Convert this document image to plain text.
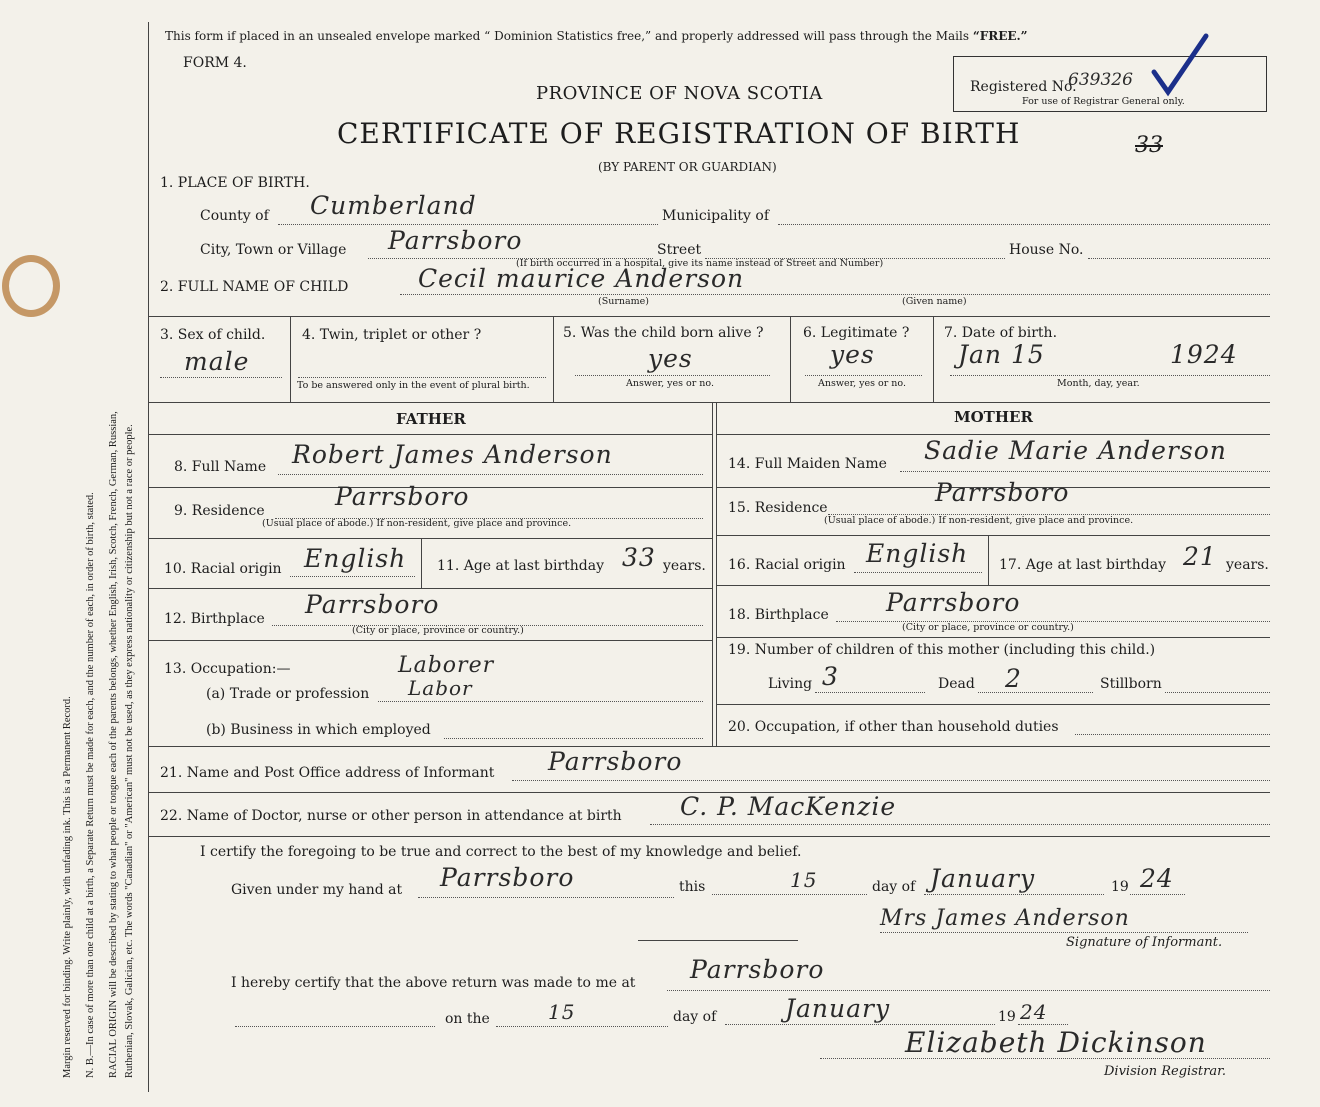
Margin reserved for binding. Write plainly, with unfading ink. This is a Permanent Record. N. B.—In case of more than one child at a birth, a Separate Return must be made for each, and the number of each, in order of birth, stated. RACIAL ORIGIN will be described by stating to what people or tongue each of the parents belongs, whether English, Irish, Scotch, French, German, Russian, Ruthenian, Slovak, Galician, etc. The words "Canadian" or "American" must not be used, as they express nationality or citizenship but not a race or people.
This form if placed in an unsealed envelope marked “ Dominion Statistics free,” and properly addressed will pass through the Mails “FREE.”
FORM 4.
PROVINCE OF NOVA SCOTIA
CERTIFICATE OF REGISTRATION OF BIRTH
(BY PARENT OR GUARDIAN)
Registered No.
639326
For use of Registrar General only.
33
1. PLACE OF BIRTH.
County of Cumberland	Municipality of
City, Town or Village Parrsboro	Street	House No.
(If birth occurred in a hospital, give its name instead of Street and Number)
2. FULL NAME OF CHILD	Cecil maurice Anderson
(Surname)	(Given name)
3. Sex of child.
male
4. Twin, triplet or other ?
To be answered only in the event of plural birth.
5. Was the child born alive ?
yes
Answer, yes or no.
6. Legitimate ?
yes
Answer, yes or no.
7. Date of birth.
Jan 15	1924
Month, day, year.
FATHER	MOTHER
8. Full Name Robert James Anderson
9. Residence	Parrsboro
(Usual place of abode.) If non-resident, give place and province.
10. Racial origin English 11. Age at last birthday 33 years.
12. Birthplace Parrsboro
(City or place, province or country.)
13. Occupation:—	Laborer
(a) Trade or profession Labor
(b) Business in which employed
14. Full Maiden Name Sadie Marie Anderson
15. Residence
Parrsboro
(Usual place of abode.) If non-resident, give place and province.
16. Racial origin English 17. Age at last birthday 21 years.
18. Birthplace Parrsboro
(City or place, province or country.)
19. Number of children of this mother (including this child.)
Living 3	Dead 2	Stillborn
20. Occupation, if other than household duties
21. Name and Post Office address of Informant Parrsboro
22. Name of Doctor, nurse or other person in attendance at birth C. P. MacKenzie
I certify the foregoing to be true and correct to the best of my knowledge and belief.
Given under my hand at Parrsboro	this	15	day of January	19 24
Mrs James Anderson
Signature of Informant.
I hereby certify that the above return was made to me at Parrsboro
on the	15	day of	January	19 24
Elizabeth Dickinson
Division Registrar.
